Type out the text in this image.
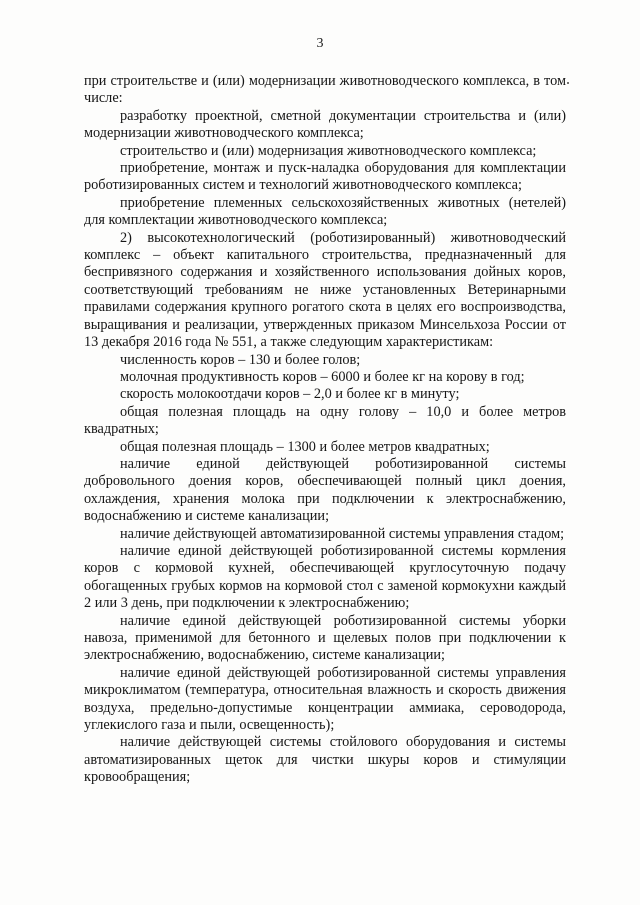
3

при строительстве и (или) модернизации животноводческого комплекса, в том числе:

разработку проектной, сметной документации строительства и (или) модернизации животноводческого комплекса;

строительство и (или) модернизация животноводческого комплекса;

приобретение, монтаж и пуск-наладка оборудования для комплектации роботизированных систем и технологий животноводческого комплекса;

приобретение племенных сельскохозяйственных животных (нетелей) для комплектации животноводческого комплекса;

2) высокотехнологический (роботизированный) животноводческий комплекс – объект капитального строительства, предназначенный для беспривязного содержания и хозяйственного использования дойных коров, соответствующий требованиям не ниже установленных Ветеринарными правилами содержания крупного рогатого скота в целях его воспроизводства, выращивания и реализации, утвержденных приказом Минсельхоза России от 13 декабря 2016 года № 551, а также следующим характеристикам:

численность коров – 130 и более голов;

молочная продуктивность коров – 6000 и более кг на корову в год;

скорость молокоотдачи коров – 2,0 и более кг в минуту;

общая полезная площадь на одну голову – 10,0 и более метров квадратных;

общая полезная площадь – 1300 и более метров квадратных;

наличие единой действующей роботизированной системы добровольного доения коров, обеспечивающей полный цикл доения, охлаждения, хранения молока при подключении к электроснабжению, водоснабжению и системе канализации;

наличие действующей автоматизированной системы управления стадом;

наличие единой действующей роботизированной системы кормления коров с кормовой кухней, обеспечивающей круглосуточную подачу обогащенных грубых кормов на кормовой стол с заменой кормокухни каждый 2 или 3 день, при подключении к электроснабжению;

наличие единой действующей роботизированной системы уборки навоза, применимой для бетонного и щелевых полов при подключении к электроснабжению, водоснабжению, системе канализации;

наличие единой действующей роботизированной системы управления микроклиматом (температура, относительная влажность и скорость движения воздуха, предельно-допустимые концентрации аммиака, сероводорода, углекислого газа и пыли, освещенность);

наличие действующей системы стойлового оборудования и системы автоматизированных щеток для чистки шкуры коров и стимуляции кровообращения;
